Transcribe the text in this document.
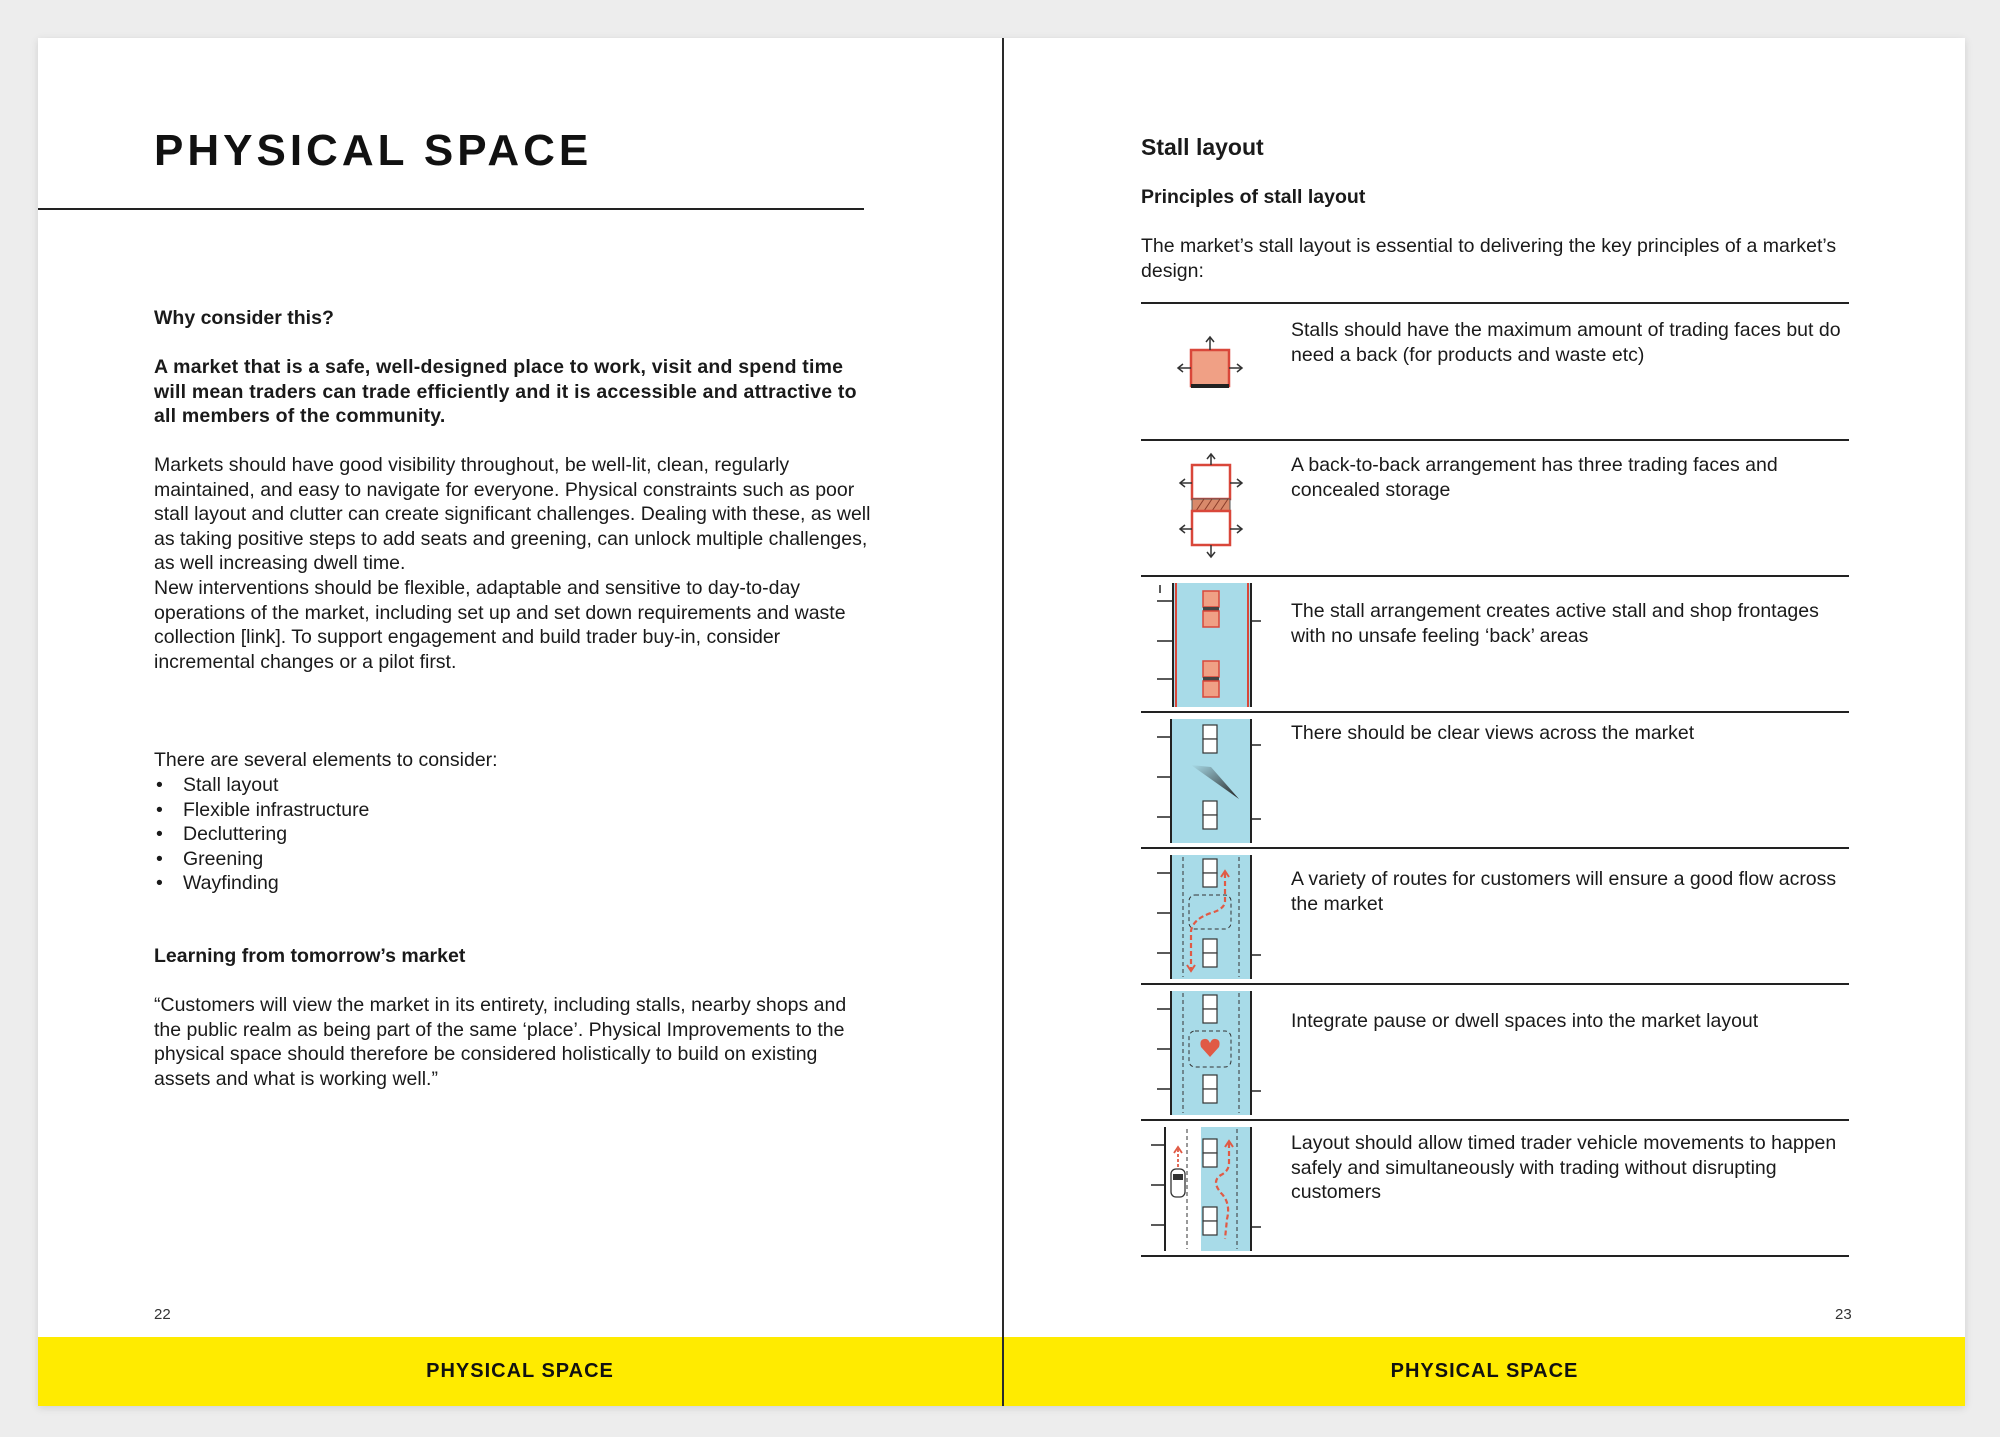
PHYSICAL SPACE
Why consider this?
A market that is a safe, well-designed place to work, visit and spend time will mean traders can trade efficiently and it is accessible and attractive to all members of the community.
Markets should have good visibility throughout, be well-lit, clean, regularly maintained, and easy to navigate for everyone. Physical constraints such as poor stall layout and clutter can create significant challenges. Dealing with these, as well as taking positive steps to add seats and greening, can unlock multiple challenges, as well increasing dwell time.
New interventions should be flexible, adaptable and sensitive to day-to-day operations of the market, including set up and set down requirements and waste collection [link]. To support engagement and build trader buy-in, consider incremental changes or a pilot first.
There are several elements to consider:
• Stall layout
• Flexible infrastructure
• Decluttering
• Greening
• Wayfinding
Learning from tomorrow’s market
“Customers will view the market in its entirety, including stalls, nearby shops and the public realm as being part of the same ‘place’. Physical Improvements to the physical space should therefore be considered holistically to build on existing assets and what is working well.”
22
Stall layout
Principles of stall layout
The market’s stall layout is essential to delivering the key principles of a market’s design:
Stalls should have the maximum amount of trading faces but do need a back (for products and waste etc)
A back-to-back arrangement has three trading faces and concealed storage
The stall arrangement creates active stall and shop frontages with no unsafe feeling ‘back’ areas
There should be clear views across the market
A variety of routes for customers will ensure a good flow across the market
Integrate pause or dwell spaces into the market layout
Layout should allow timed trader vehicle movements to happen safely and simultaneously with trading without disrupting customers
23
PHYSICAL SPACE	PHYSICAL SPACE
